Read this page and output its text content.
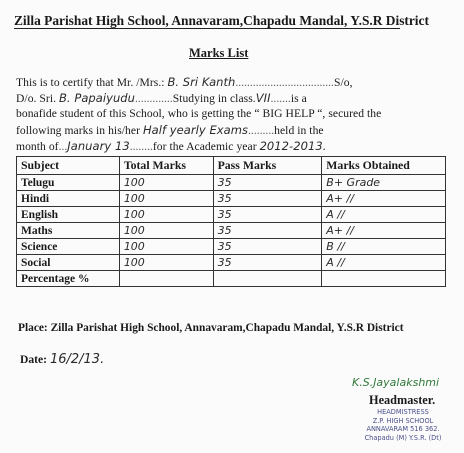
Zilla Parishat High School, Annavaram,Chapadu Mandal, Y.S.R District
Marks List
This is to certify that Mr. /Mrs.: B. Sri Kanth..................................S/o,
D/o. Sri. B. Papaiyudu.............Studying in class.VII.......is a
bonafide student of this School, who is getting the “ BIG HELP “, secured the
following marks in his/her Half yearly Exams.........held in the
month of...January 13........for the Academic year 2012-2013.
Subject	Total Marks	Pass Marks	Marks Obtained
Telugu	100	35	B+ Grade
Hindi	100	35	A+ //
English	100	35	A //
Maths	100	35	A+ //
Science	100	35	B //
Social	100	35	A //
Percentage %			
Place: Zilla Parishat High School, Annavaram,Chapadu Mandal, Y.S.R District
Date: 16/2/13.
K.S.Jayalakshmi
Headmaster.
HEADMISTRESS
Z.P. HIGH SCHOOL
ANNAVARAM 516 362.
Chapadu (M) Y.S.R. (Dt)
